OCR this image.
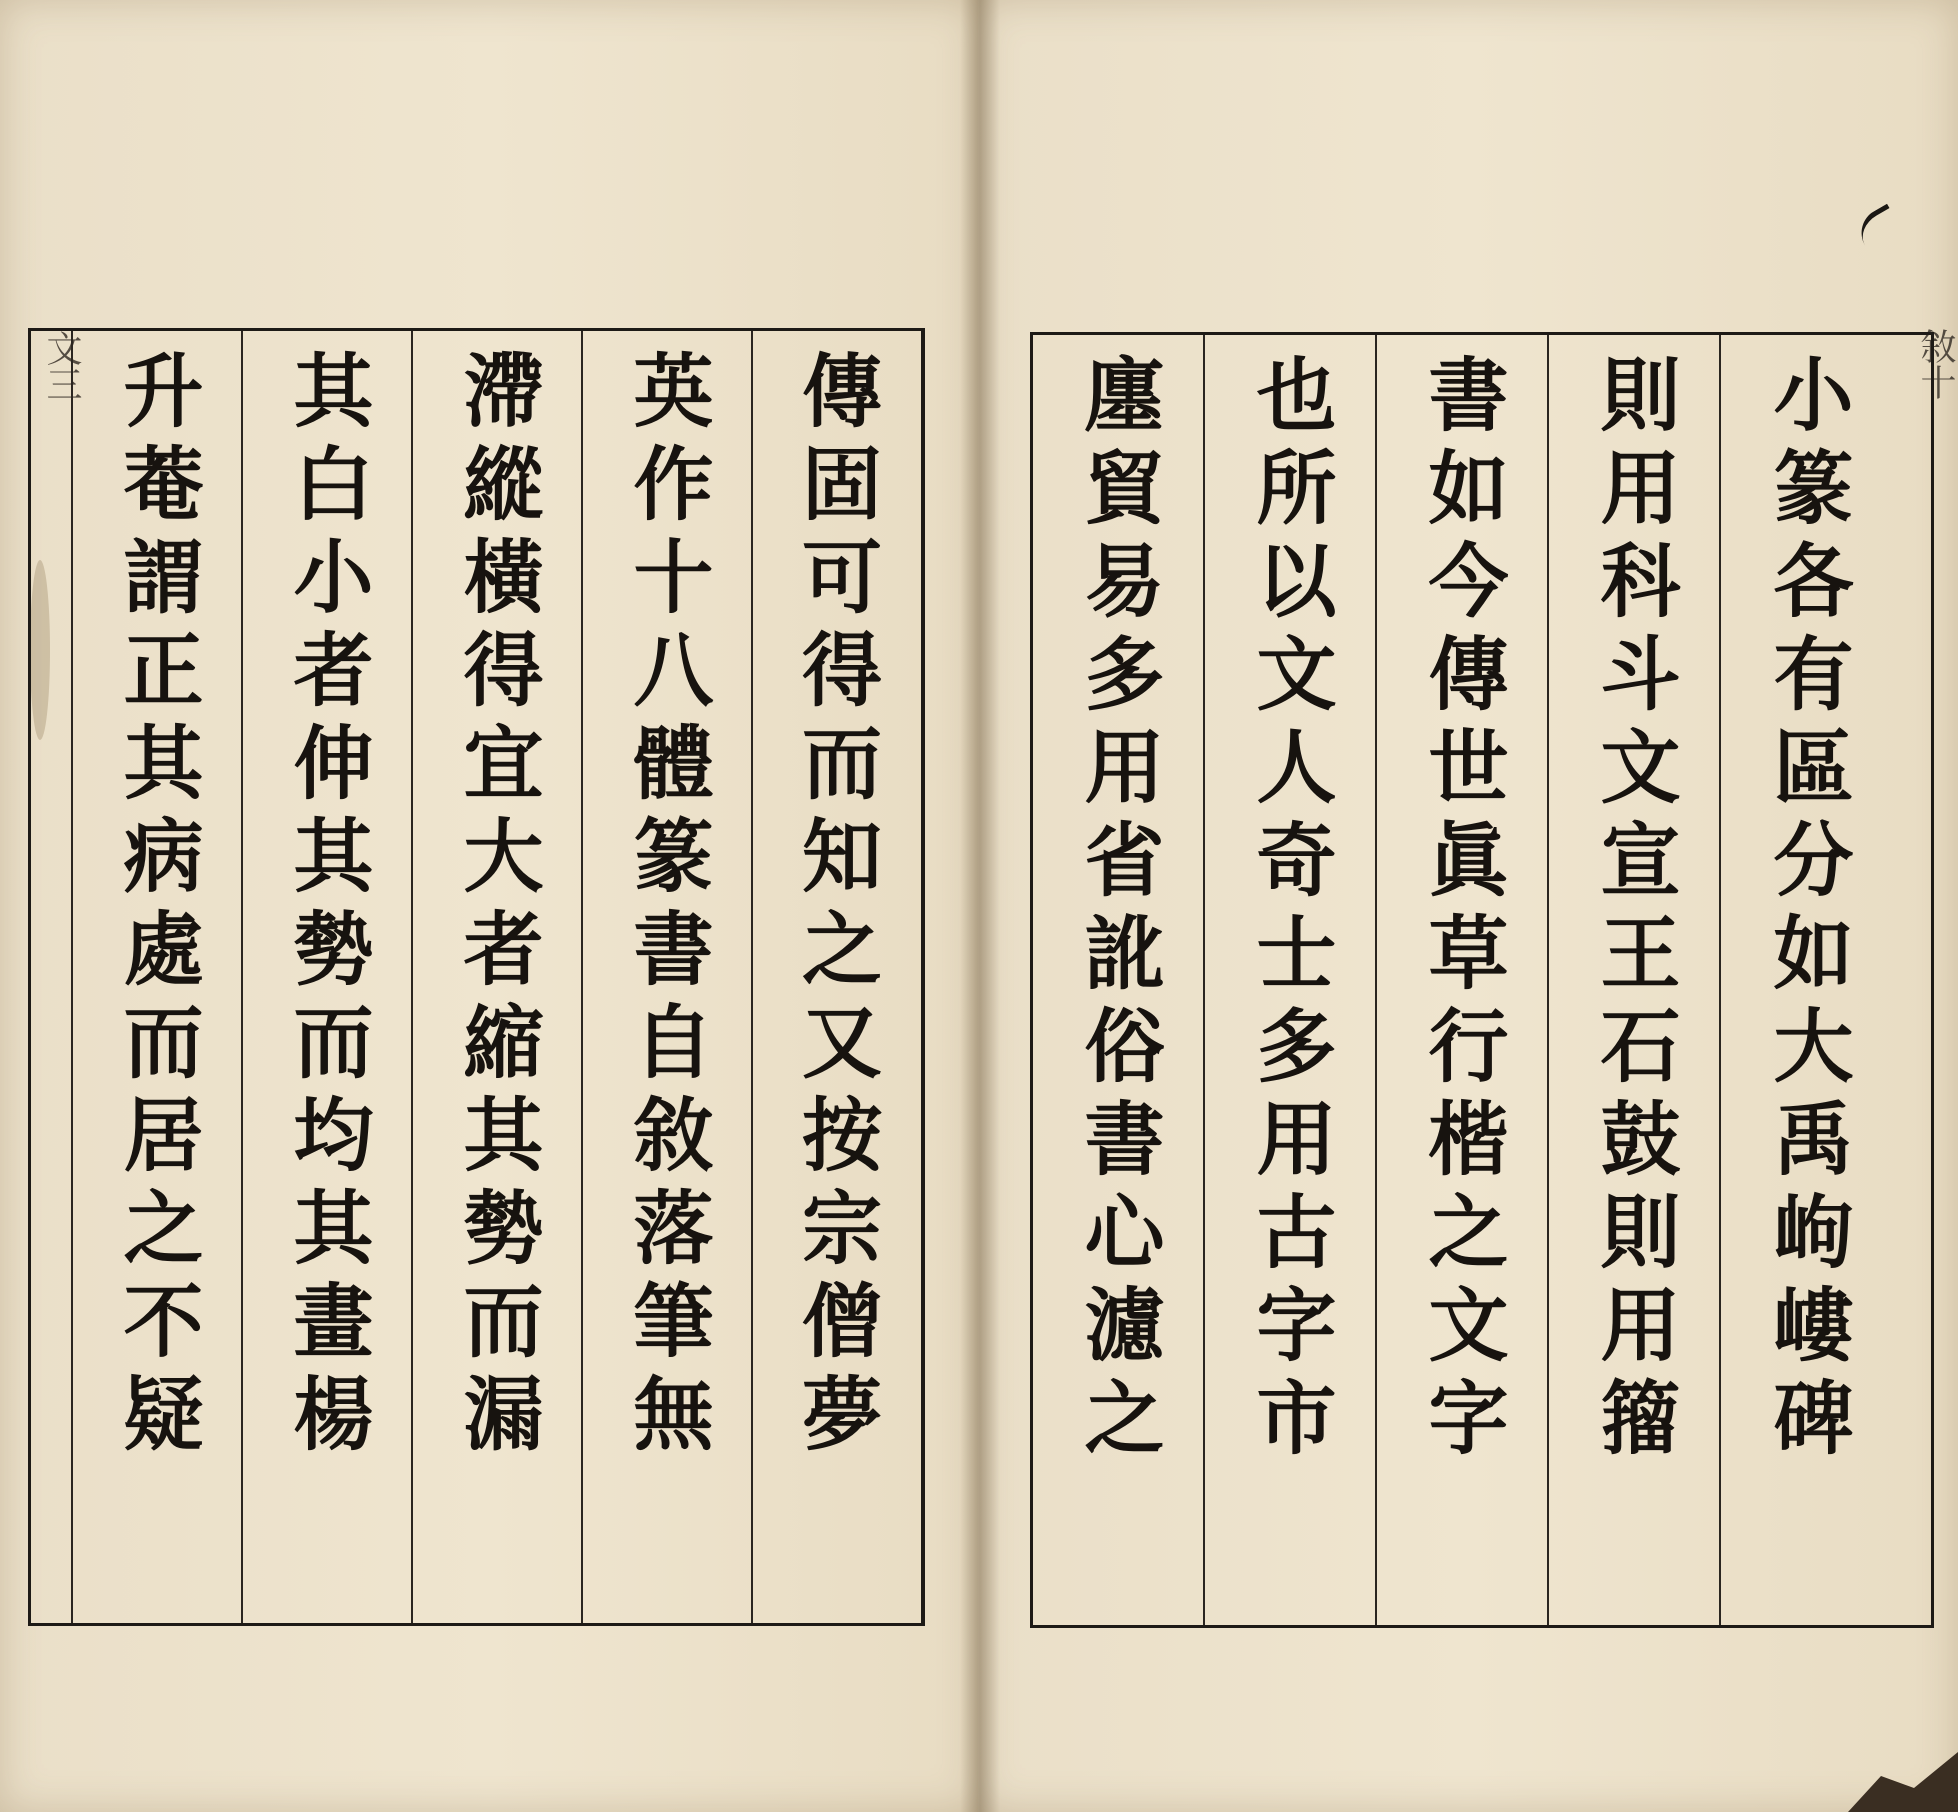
文三	敘十
升菴謂正其病處而居之不疑 其白小者伸其勢而均其畫楊 滯縱橫得宜大者縮其勢而漏 英作十八體篆書自敘落筆無 傳固可得而知之又按宗僧夢 廛貿易多用省訛俗書心濾之 也所以文人奇士多用古字市 書如今傳世眞草行楷之文字 則用科斗文宣王石鼓則用籀 小篆各有區分如大禹岣嶁碑
